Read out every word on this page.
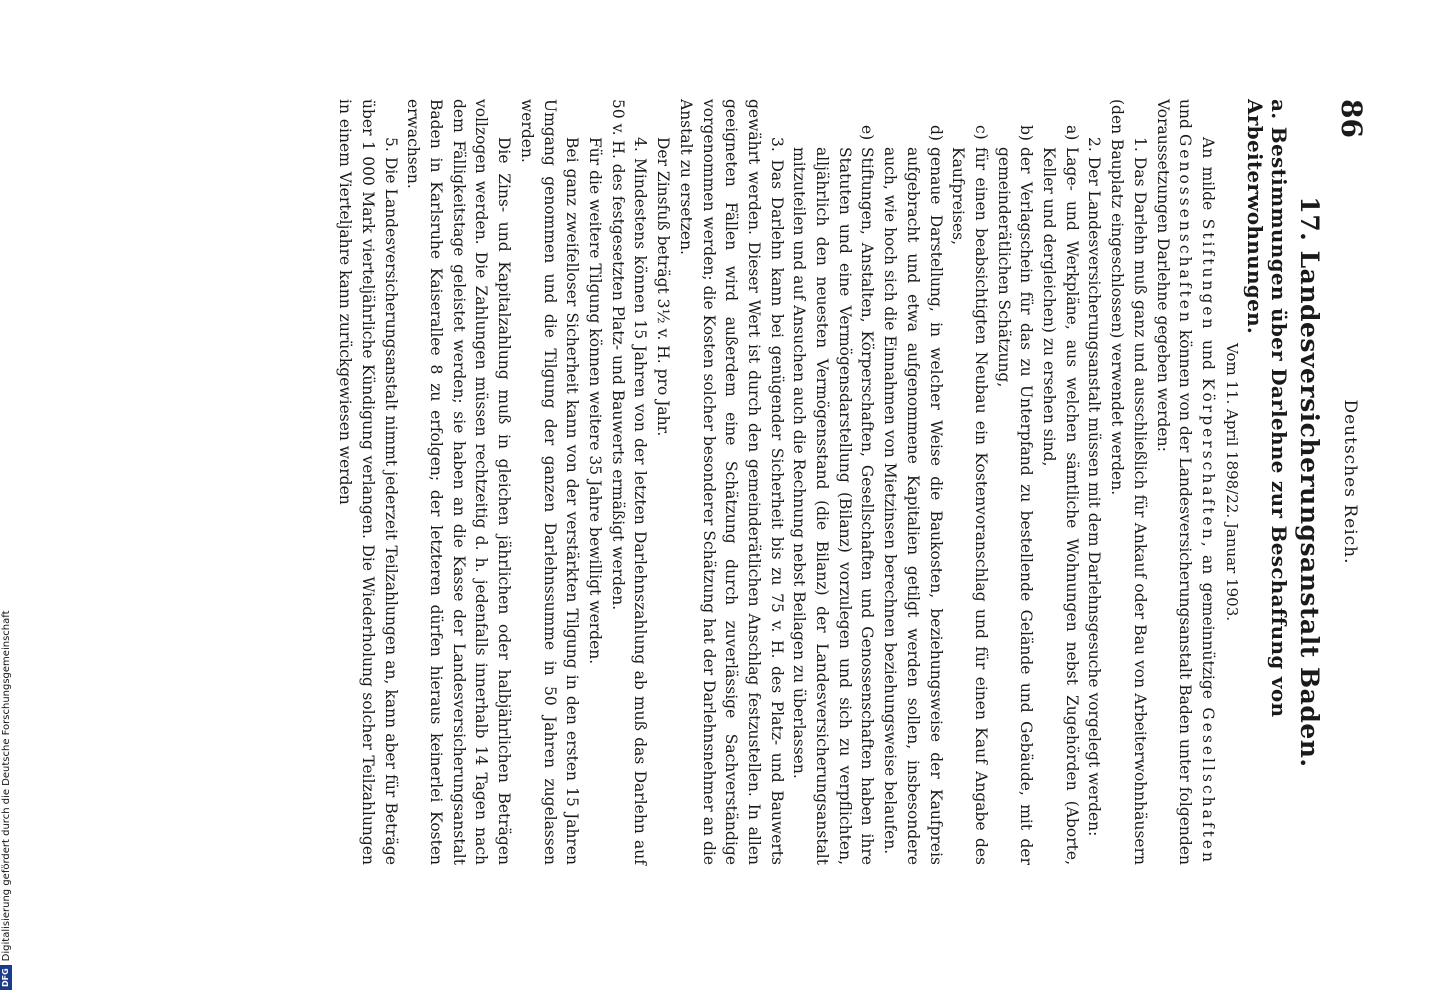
86
Deutsches Reich.
17. Landesversicherungsanstalt Baden.
a. Bestimmungen über Darlehne zur Beschaffung von Arbeiterwohnungen.
Vom 11. April 1898/22. Januar 1903.

An milde Stiftungen und Körperschaften, an gemeinnützige Gesellschaften und Genossenschaften können von der Landesversicherungsanstalt Baden unter folgenden Voraussetzungen Darlehne gegeben werden:

1. Das Darlehn muß ganz und ausschließlich für Ankauf oder Bau von Arbeiterwohnhäusern (den Bauplatz eingeschlossen) verwendet werden.

2. Der Landesversicherungsanstalt müssen mit dem Darlehnsgesuche vorgelegt werden:

a)Lage- und Werkpläne, aus welchen sämtliche Wohnungen nebst Zugehörden (Aborte, Keller und dergleichen) zu ersehen sind,

b)der Verlagschein für das zu Unterpfand zu bestellende Gelände und Gebäude, mit der gemeinderätlichen Schätzung,

c)für einen beabsichtigten Neubau ein Kostenvoranschlag und für einen Kauf Angabe des Kaufpreises,

d)genaue Darstellung, in welcher Weise die Baukosten, beziehungsweise der Kaufpreis aufgebracht und etwa aufgenommene Kapitalien getilgt werden sollen, insbesondere auch, wie hoch sich die Einnahmen von Mietzinsen berechnen beziehungsweise belaufen.

e)Stiftungen, Anstalten, Körperschaften, Gesellschaften und Genossenschaften haben ihre Statuten und eine Vermögensdarstellung (Bilanz) vorzulegen und sich zu verpflichten, alljährlich den neuesten Vermögensstand (die Bilanz) der Landesversicherungsanstalt mitzuteilen und auf Ansuchen auch die Rechnung nebst Beilagen zu überlassen.

3. Das Darlehn kann bei genügender Sicherheit bis zu 75 v. H. des Platz- und Bauwerts gewährt werden. Dieser Wert ist durch den gemeinderätlichen Anschlag festzustellen. In allen geeigneten Fällen wird außerdem eine Schätzung durch zuverlässige Sachverständige vorgenommen werden; die Kosten solcher besonderer Schätzung hat der Darlehnsnehmer an die Anstalt zu ersetzen.

Der Zinsfuß beträgt 3½ v. H. pro Jahr.

4. Mindestens können 15 Jahren von der letzten Darlehnszahlung ab muß das Darlehn auf 50 v. H. des festgesetzten Platz- und Bauwerts ermäßigt werden.

Für die weitere Tilgung können weitere 35 Jahre bewilligt werden.

Bei ganz zweifelloser Sicherheit kann von der verstärkten Tilgung in den ersten 15 Jahren Umgang genommen und die Tilgung der ganzen Darlehnssumme in 50 Jahren zugelassen werden.

Die Zins- und Kapitalzahlung muß in gleichen jährlichen oder halbjährlichen Beträgen vollzogen werden. Die Zahlungen müssen rechtzeitig d. h. jedenfalls innerhalb 14 Tagen nach dem Fälligkeitstage geleistet werden; sie haben an die Kasse der Landesversicherungsanstalt Baden in Karlsruhe Kaiserallee 8 zu erfolgen; der letzteren dürfen hieraus keinerlei Kosten erwachsen.

5. Die Landesversicherungsanstalt nimmt jederzeit Teilzahlungen an, kann aber für Beträge über 1 000 Mark vierteljährliche Kündigung verlangen. Die Wiederholung solcher Teilzahlungen in einem Vierteljahre kann zurückgewiesen werden

DFGDigitalisierung gefördert durch die Deutsche Forschungsgemeinschaft
